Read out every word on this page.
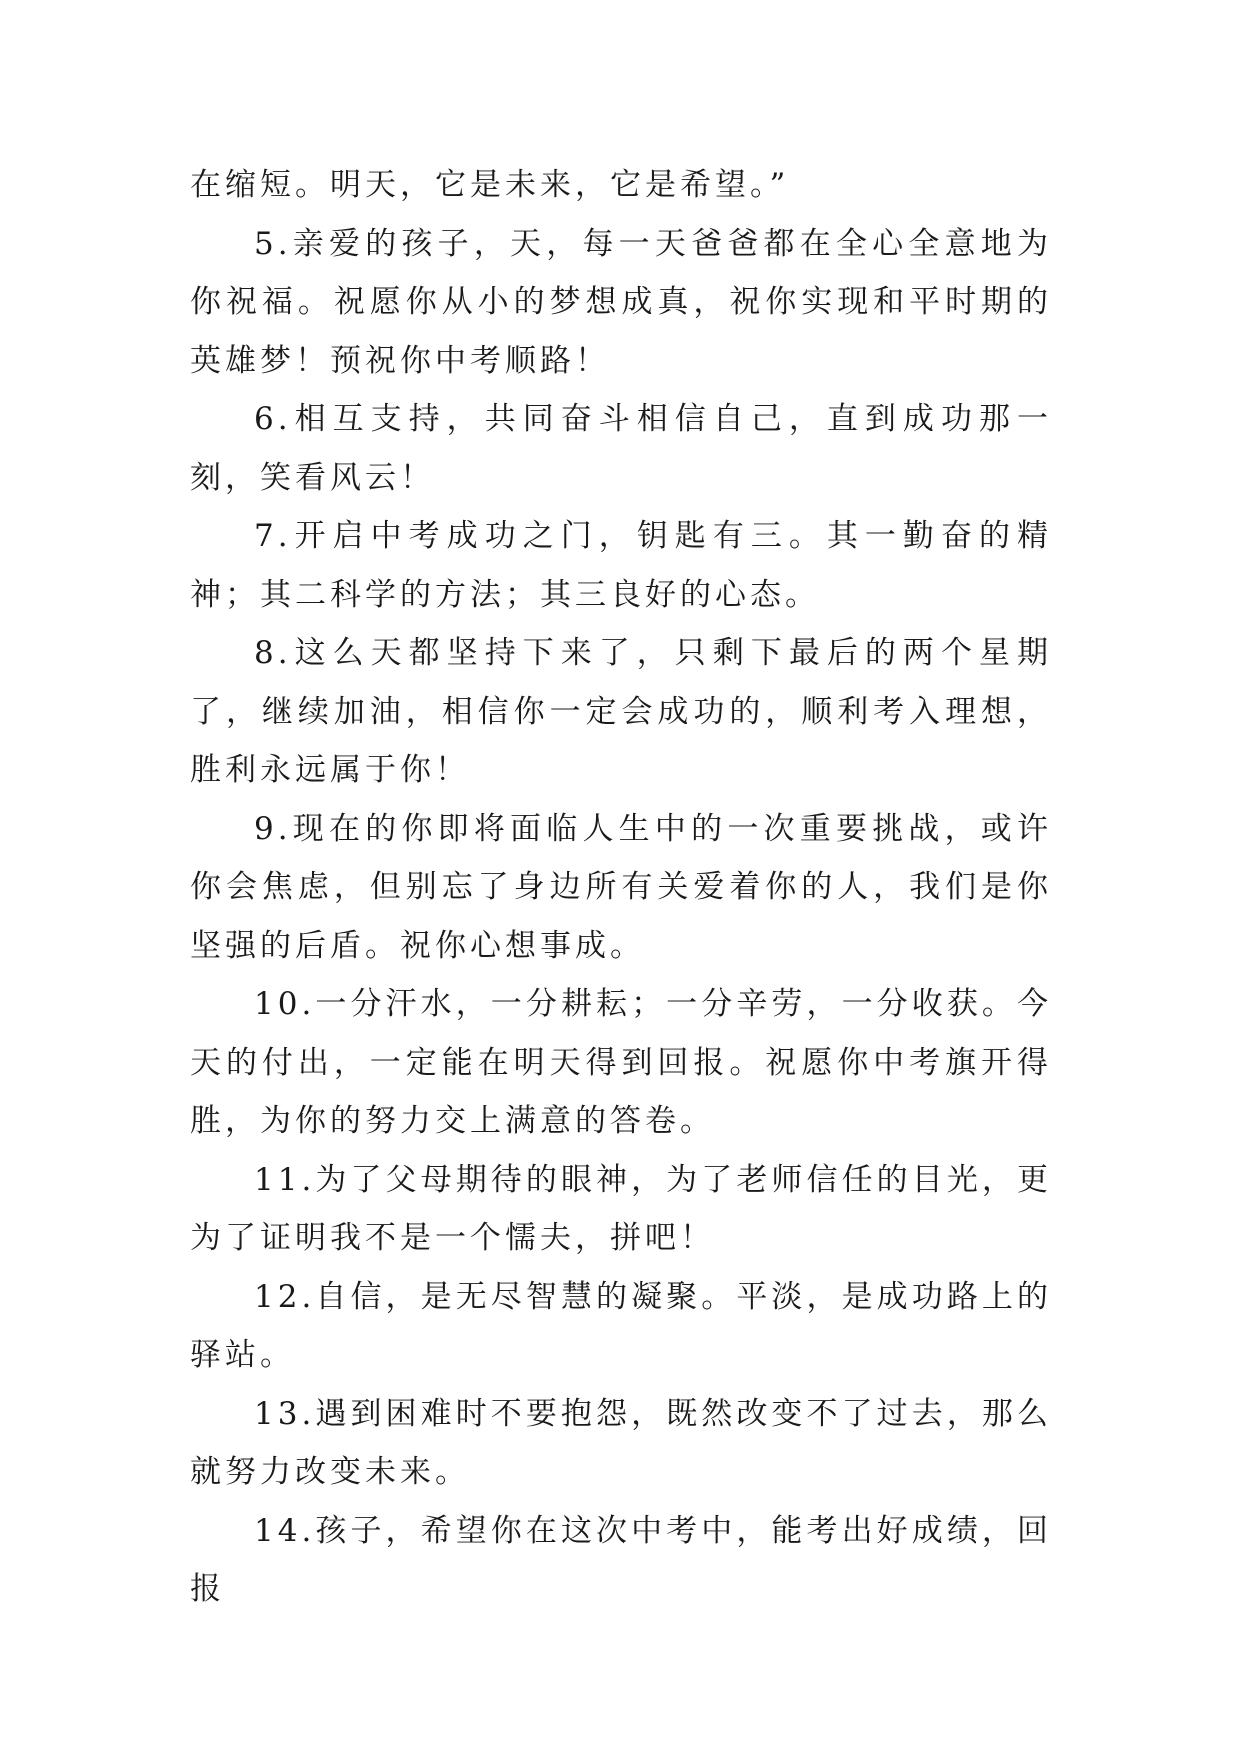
在缩短。明天，它是未来，它是希望。”

5.亲爱的孩子，天，每一天爸爸都在全心全意地为你祝福。祝愿你从小的梦想成真，祝你实现和平时期的英雄梦！预祝你中考顺路！

6.相互支持，共同奋斗相信自己，直到成功那一刻，笑看风云！

7.开启中考成功之门，钥匙有三。其一勤奋的精神；其二科学的方法；其三良好的心态。

8.这么天都坚持下来了，只剩下最后的两个星期了，继续加油，相信你一定会成功的，顺利考入理想，胜利永远属于你！

9.现在的你即将面临人生中的一次重要挑战，或许你会焦虑，但别忘了身边所有关爱着你的人，我们是你坚强的后盾。祝你心想事成。

10.一分汗水，一分耕耘；一分辛劳，一分收获。今天的付出，一定能在明天得到回报。祝愿你中考旗开得胜，为你的努力交上满意的答卷。

11.为了父母期待的眼神，为了老师信任的目光，更为了证明我不是一个懦夫，拼吧！

12.自信，是无尽智慧的凝聚。平淡，是成功路上的驿站。

13.遇到困难时不要抱怨，既然改变不了过去，那么就努力改变未来。

14.孩子，希望你在这次中考中，能考出好成绩，回报
